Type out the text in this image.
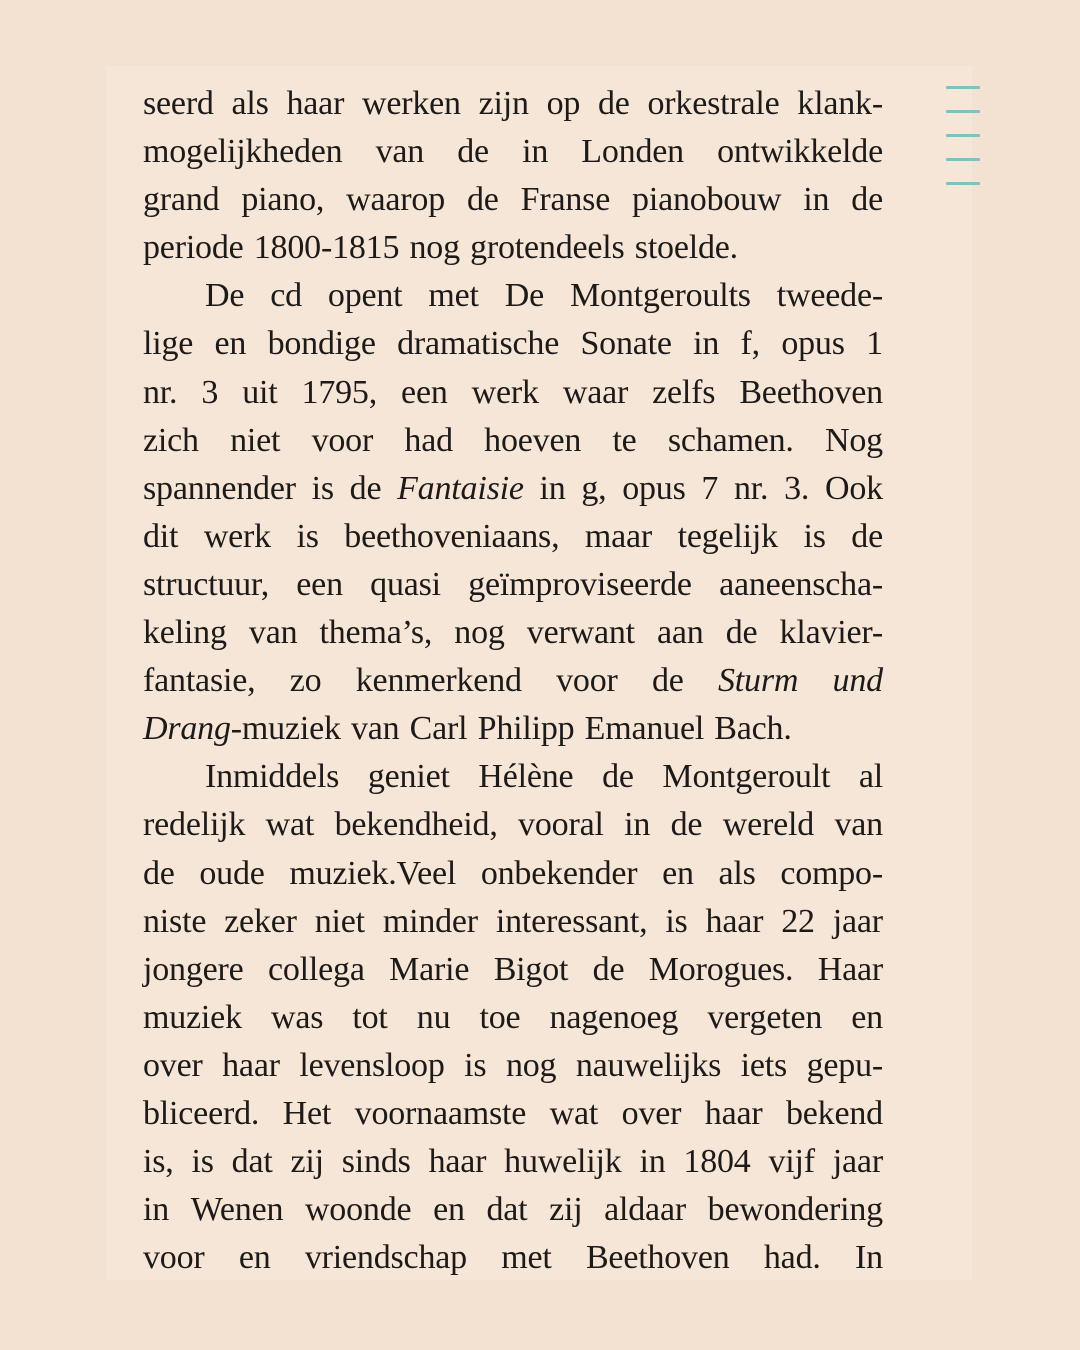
seerd als haar werken zijn op de orkestrale klank-
mogelijkheden van de in Londen ontwikkelde
grand piano, waarop de Franse pianobouw in de
periode 1800-1815 nog grotendeels stoelde.
De cd opent met De Montgeroults tweede-
lige en bondige dramatische Sonate in f, opus 1
nr. 3 uit 1795, een werk waar zelfs Beethoven
zich niet voor had hoeven te schamen. Nog
spannender is de Fantaisie in g, opus 7 nr. 3. Ook
dit werk is beethoveniaans, maar tegelijk is de
structuur, een quasi geïmproviseerde aaneenscha-
keling van thema’s, nog verwant aan de klavier-
fantasie, zo kenmerkend voor de Sturm und
Drang-muziek van Carl Philipp Emanuel Bach.
Inmiddels geniet Hélène de Montgeroult al
redelijk wat bekendheid, vooral in de wereld van
de oude muziek.Veel onbekender en als compo-
niste zeker niet minder interessant, is haar 22 jaar
jongere collega Marie Bigot de Morogues. Haar
muziek was tot nu toe nagenoeg vergeten en
over haar levensloop is nog nauwelijks iets gepu-
bliceerd. Het voornaamste wat over haar bekend
is, is dat zij sinds haar huwelijk in 1804 vijf jaar
in Wenen woonde en dat zij aldaar bewondering
voor en vriendschap met Beethoven had. In
